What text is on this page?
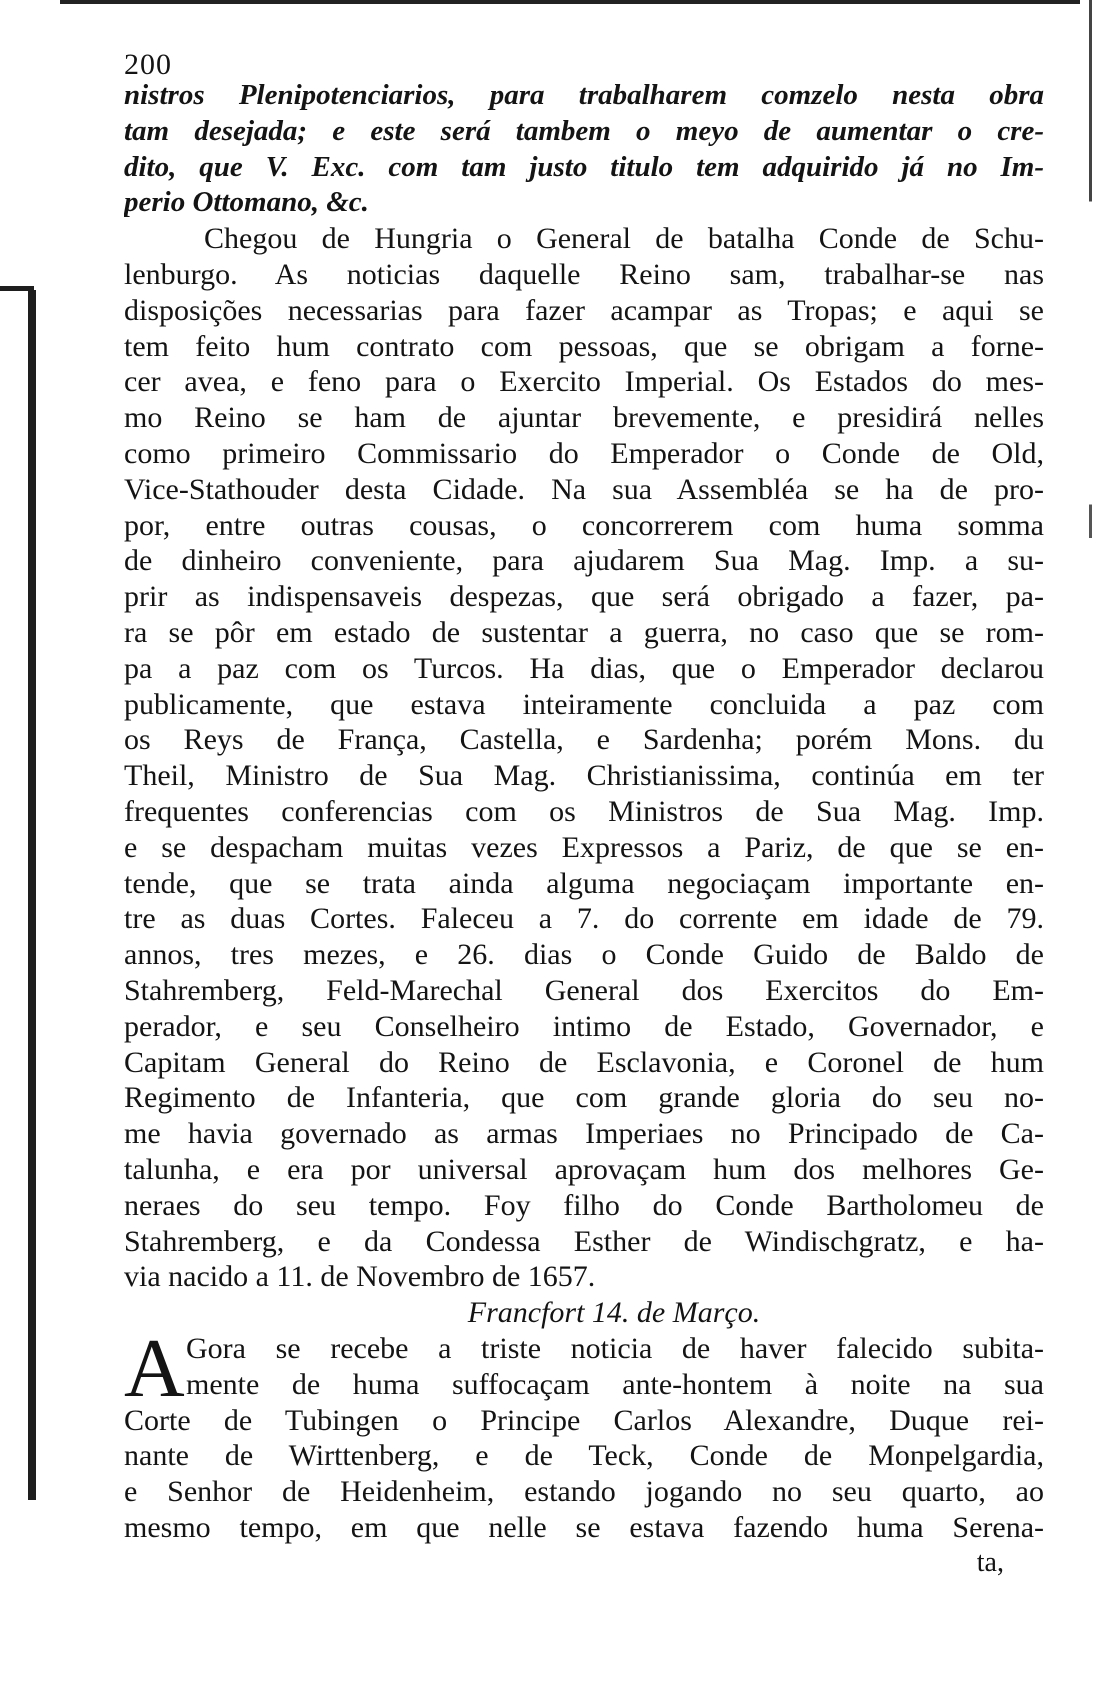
200
nistros Plenipotenciarios, para trabalharem comzelo nesta obra
tam desejada; e este será tambem o meyo de aumentar o cre-
dito, que V. Exc. com tam justo titulo tem adquirido já no Im-
perio Ottomano, &c.
Chegou de Hungria o General de batalha Conde de Schu-
lenburgo. As noticias daquelle Reino sam, trabalhar-se nas
disposições necessarias para fazer acampar as Tropas; e aqui se
tem feito hum contrato com pessoas, que se obrigam a forne-
cer avea, e feno para o Exercito Imperial. Os Estados do mes-
mo Reino se ham de ajuntar brevemente, e presidirá nelles
como primeiro Commissario do Emperador o Conde de Old,
Vice-Stathouder desta Cidade. Na sua Assembléa se ha de pro-
por, entre outras cousas, o concorrerem com huma somma
de dinheiro conveniente, para ajudarem Sua Mag. Imp. a su-
prir as indispensaveis despezas, que será obrigado a fazer, pa-
ra se pôr em estado de sustentar a guerra, no caso que se rom-
pa a paz com os Turcos. Ha dias, que o Emperador declarou
publicamente, que estava inteiramente concluida a paz com
os Reys de França, Castella, e Sardenha; porém Mons. du
Theil, Ministro de Sua Mag. Christianissima, continúa em ter
frequentes conferencias com os Ministros de Sua Mag. Imp.
e se despacham muitas vezes Expressos a Pariz, de que se en-
tende, que se trata ainda alguma negociaçam importante en-
tre as duas Cortes. Faleceu a 7. do corrente em idade de 79.
annos, tres mezes, e 26. dias o Conde Guido de Baldo de
Stahremberg, Feld-Marechal General dos Exercitos do Em-
perador, e seu Conselheiro intimo de Estado, Governador, e
Capitam General do Reino de Esclavonia, e Coronel de hum
Regimento de Infanteria, que com grande gloria do seu no-
me havia governado as armas Imperiaes no Principado de Ca-
talunha, e era por universal aprovaçam hum dos melhores Ge-
neraes do seu tempo. Foy filho do Conde Bartholomeu de
Stahremberg, e da Condessa Esther de Windischgratz, e ha-
via nacido a 11. de Novembro de 1657.
Francfort 14. de Março.
A Gora se recebe a triste noticia de haver falecido subita-
mente de huma suffocaçam ante-hontem à noite na sua
Corte de Tubingen o Principe Carlos Alexandre, Duque rei-
nante de Wirttenberg, e de Teck, Conde de Monpelgardia,
e Senhor de Heidenheim, estando jogando no seu quarto, ao
mesmo tempo, em que nelle se estava fazendo huma Serena-
ta,
